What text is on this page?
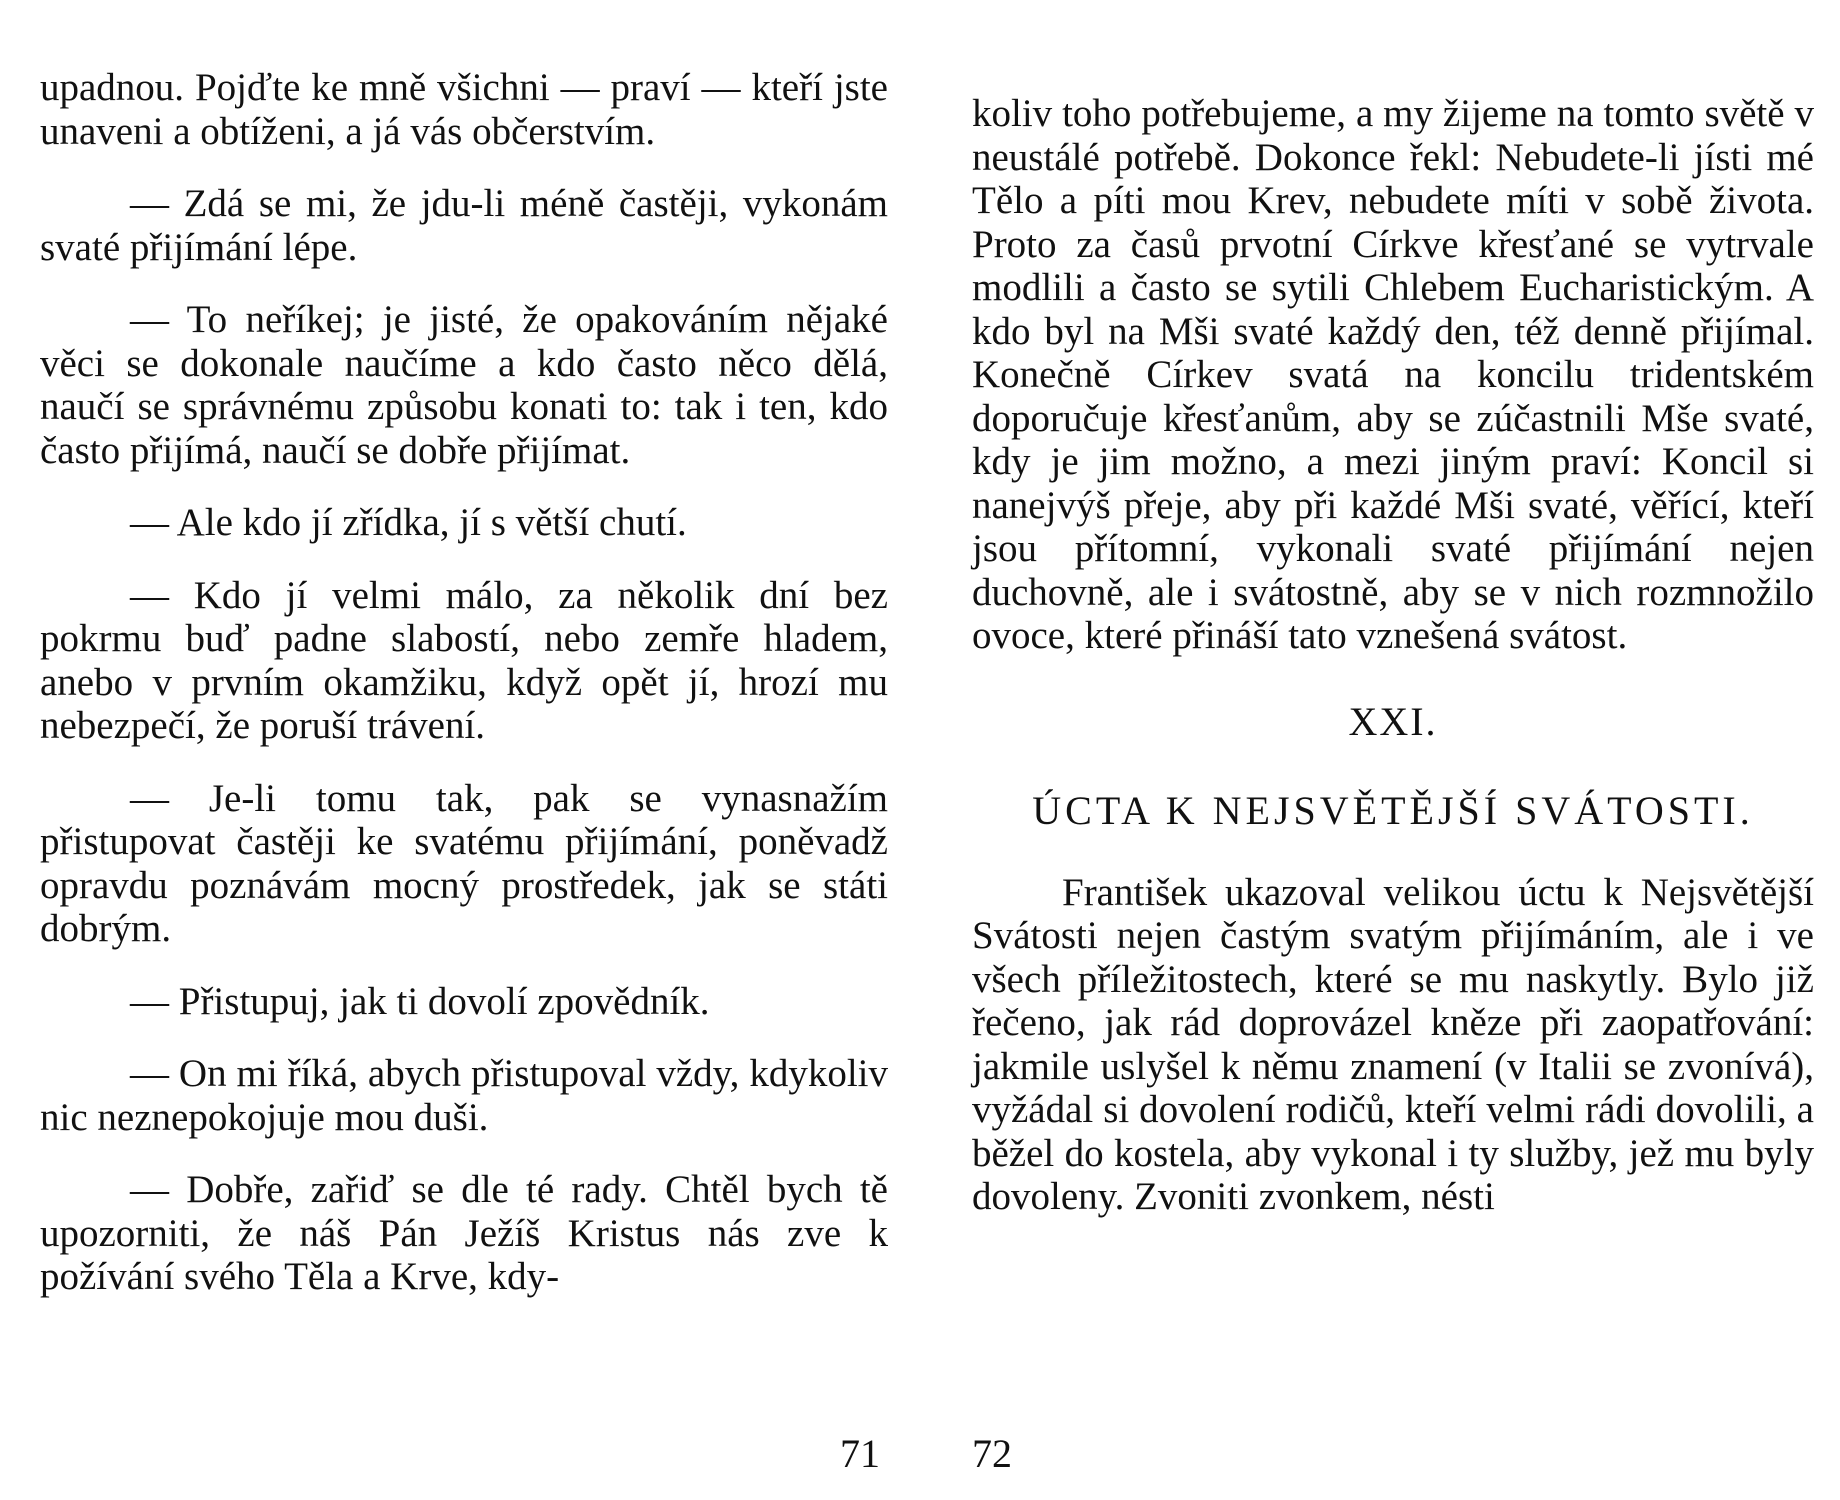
upadnou. Pojďte ke mně všichni — praví — kteří jste unaveni a obtíženi, a já vás občerstvím.

— Zdá se mi, že jdu-li méně častěji, vykonám svaté přijímání lépe.

— To neříkej; je jisté, že opakováním nějaké věci se dokonale naučíme a kdo často něco dělá, naučí se správnému způsobu konati to: tak i ten, kdo často přijímá, naučí se dobře přijímat.

— Ale kdo jí zřídka, jí s větší chutí.

— Kdo jí velmi málo, za několik dní bez pokrmu buď padne slabostí, nebo zemře hladem, anebo v prvním okamžiku, když opět jí, hrozí mu nebezpečí, že poruší trávení.

— Je-li tomu tak, pak se vynasnažím přistupovat častěji ke svatému přijímání, poněvadž opravdu poznávám mocný prostředek, jak se státi dobrým.

— Přistupuj, jak ti dovolí zpovědník.

— On mi říká, abych přistupoval vždy, kdykoliv nic neznepokojuje mou duši.

— Dobře, zařiď se dle té rady. Chtěl bych tě upozorniti, že náš Pán Ježíš Kristus nás zve k požívání svého Těla a Krve, kdy-

71

koliv toho potřebujeme, a my žijeme na tomto světě v neustálé potřebě. Dokonce řekl: Nebudete-li jísti mé Tělo a píti mou Krev, nebudete míti v sobě života. Proto za časů prvotní Církve křesťané se vytrvale modlili a často se sytili Chlebem Eucharistickým. A kdo byl na Mši svaté každý den, též denně přijímal. Konečně Církev svatá na koncilu tridentském doporučuje křesťanům, aby se zúčastnili Mše svaté, kdy je jim možno, a mezi jiným praví: Koncil si nanejvýš přeje, aby při každé Mši svaté, věřící, kteří jsou přítomní, vykonali svaté přijímání nejen duchovně, ale i svátostně, aby se v nich rozmnožilo ovoce, které přináší tato vznešená svátost.

XXI.
ÚCTA K NEJSVĚTĚJŠÍ SVÁTOSTI.

František ukazoval velikou úctu k Nejsvětější Svátosti nejen častým svatým přijímáním, ale i ve všech příležitostech, které se mu naskytly. Bylo již řečeno, jak rád doprovázel kněze při zaopatřování: jakmile uslyšel k němu znamení (v Italii se zvonívá), vyžádal si dovolení rodičů, kteří velmi rádi dovolili, a běžel do kostela, aby vykonal i ty služby, jež mu byly dovoleny. Zvoniti zvonkem, nésti

72
